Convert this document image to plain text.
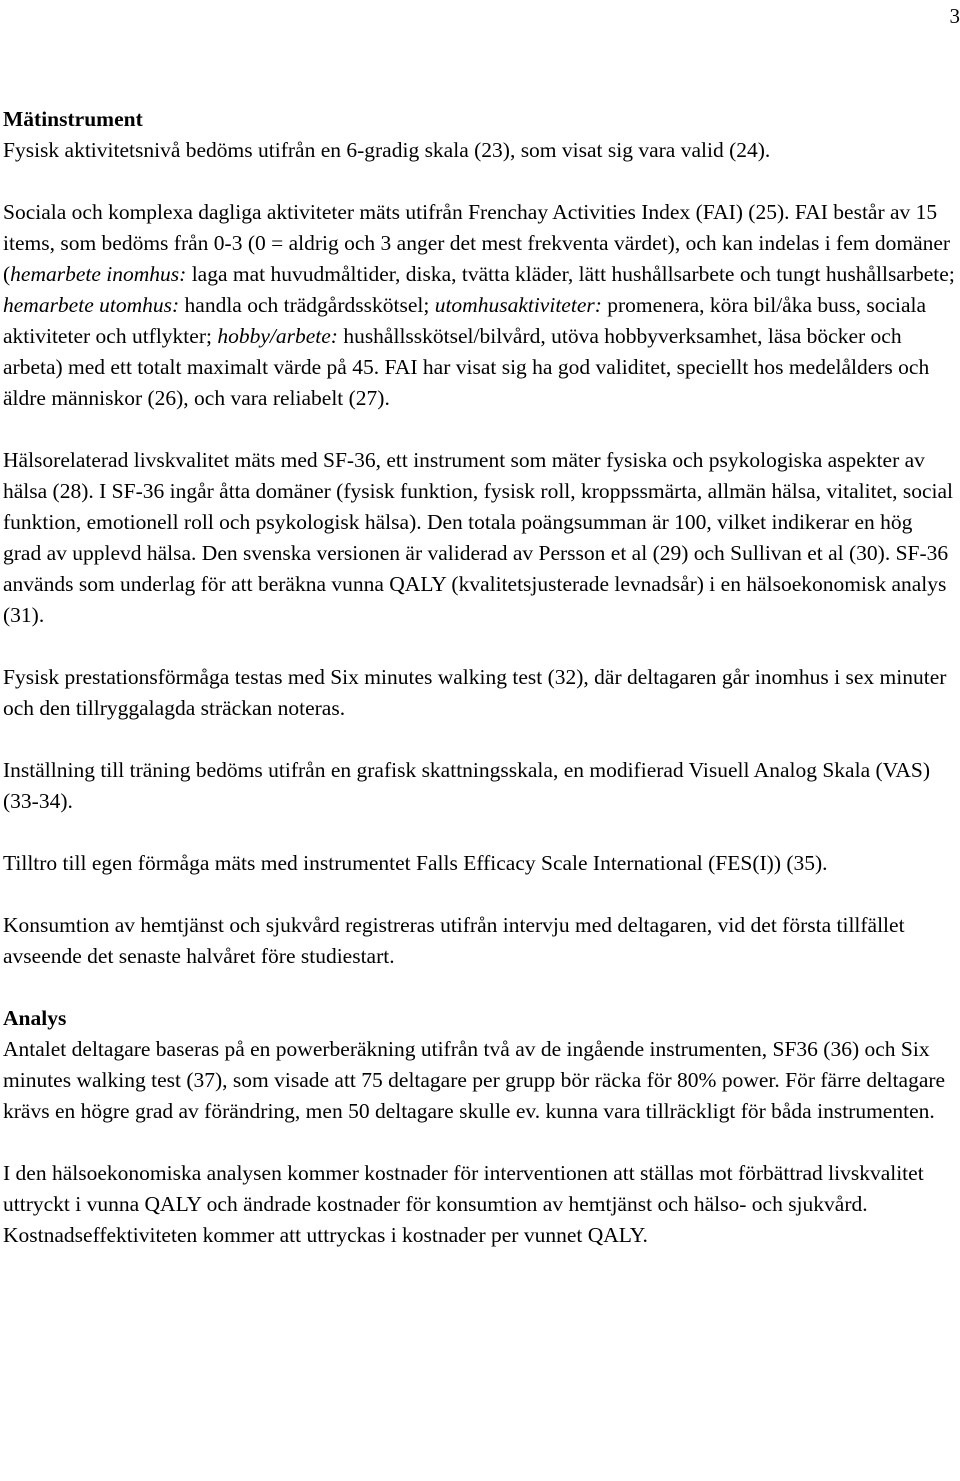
3

Mätinstrument

Fysisk aktivitetsnivå bedöms utifrån en 6-gradig skala (23), som visat sig vara valid (24).

Sociala och komplexa dagliga aktiviteter mäts utifrån Frenchay Activities Index (FAI) (25). FAI består av 15 items, som bedöms från 0-3 (0 = aldrig och 3 anger det mest frekventa värdet), och kan indelas i fem domäner (hemarbete inomhus: laga mat huvudmåltider, diska, tvätta kläder, lätt hushållsarbete och tungt hushållsarbete; hemarbete utomhus: handla och trädgårdsskötsel; utomhusaktiviteter: promenera, köra bil/åka buss, sociala aktiviteter och utflykter; hobby/arbete: hushållsskötsel/bilvård, utöva hobbyverksamhet, läsa böcker och arbeta) med ett totalt maximalt värde på 45. FAI har visat sig ha god validitet, speciellt hos medelålders och äldre människor (26), och vara reliabelt (27).

Hälsorelaterad livskvalitet mäts med SF-36, ett instrument som mäter fysiska och psykologiska aspekter av hälsa (28). I SF-36 ingår åtta domäner (fysisk funktion, fysisk roll, kroppssmärta, allmän hälsa, vitalitet, social funktion, emotionell roll och psykologisk hälsa). Den totala poängsumman är 100, vilket indikerar en hög grad av upplevd hälsa. Den svenska versionen är validerad av Persson et al (29) och Sullivan et al (30). SF-36 används som underlag för att beräkna vunna QALY (kvalitetsjusterade levnadsår) i en hälsoekonomisk analys (31).

Fysisk prestationsförmåga testas med Six minutes walking test (32), där deltagaren går inomhus i sex minuter och den tillryggalagda sträckan noteras.

Inställning till träning bedöms utifrån en grafisk skattningsskala, en modifierad Visuell Analog Skala (VAS) (33-34).

Tilltro till egen förmåga mäts med instrumentet Falls Efficacy Scale International (FES(I)) (35).

Konsumtion av hemtjänst och sjukvård registreras utifrån intervju med deltagaren, vid det första tillfället avseende det senaste halvåret före studiestart.

Analys

Antalet deltagare baseras på en powerberäkning utifrån två av de ingående instrumenten, SF36 (36) och Six minutes walking test (37), som visade att 75 deltagare per grupp bör räcka för 80% power. För färre deltagare krävs en högre grad av förändring, men 50 deltagare skulle ev. kunna vara tillräckligt för båda instrumenten.

I den hälsoekonomiska analysen kommer kostnader för interventionen att ställas mot förbättrad livskvalitet uttryckt i vunna QALY och ändrade kostnader för konsumtion av hemtjänst och hälso- och sjukvård. Kostnadseffektiviteten kommer att uttryckas i kostnader per vunnet QALY.
